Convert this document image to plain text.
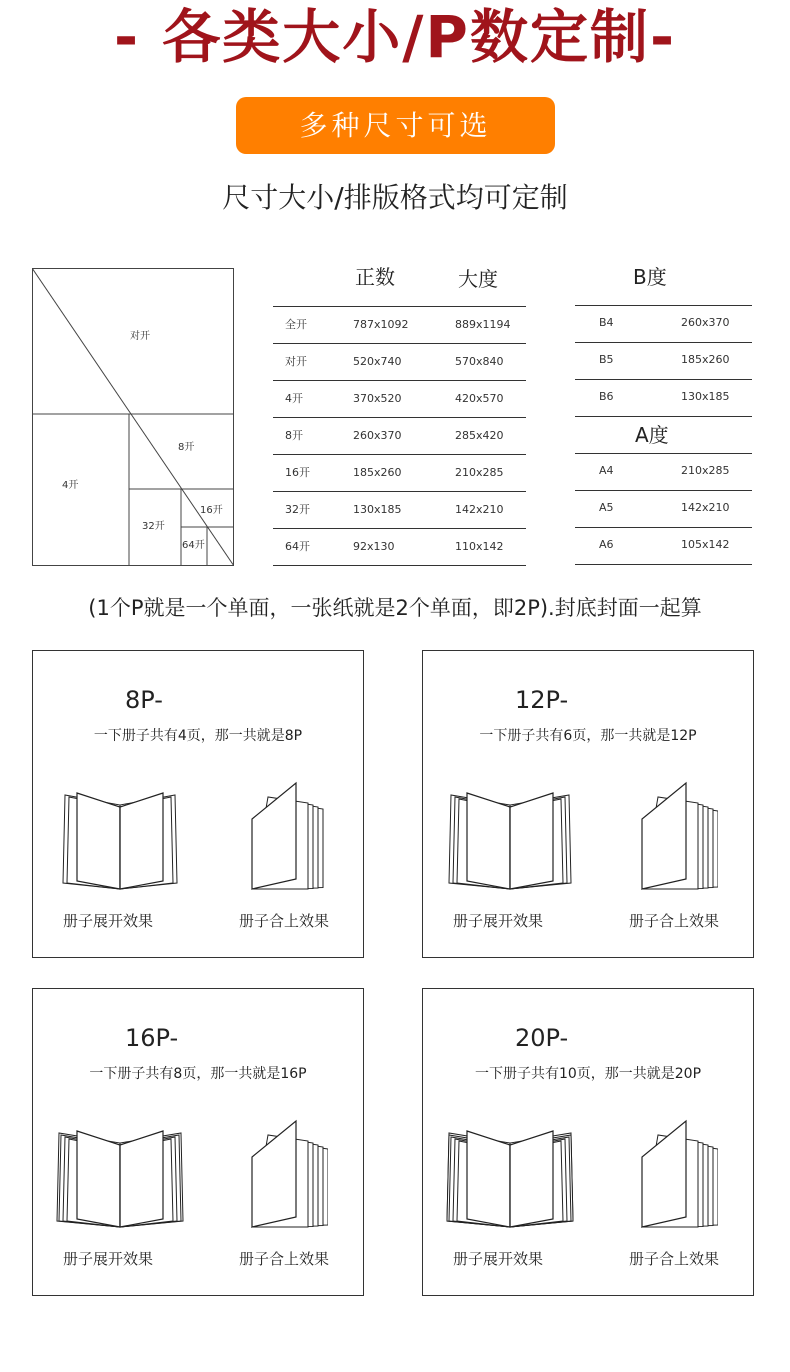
- 各类大小/P数定制-
多种尺寸可选
尺寸大小/排版格式均可定制
对开
4开
8开
16开
32开
64开
正数	大度
全开	787x1092	889x1194
对开	520x740	570x840
4开	370x520	420x570
8开	260x370	285x420
16开	185x260	210x285
32开	130x185	142x210
64开	92x130	110x142
B度
B4	260x370
B5	185x260
B6	130x185
A度
A4	210x285
A5	142x210
A6	105x142
(1个P就是一个单面，一张纸就是2个单面，即2P).封底封面一起算
8P-
一下册子共有4页，那一共就是8P
册子展开效果	册子合上效果
12P-
一下册子共有6页，那一共就是12P
册子展开效果	册子合上效果
16P-
一下册子共有8页，那一共就是16P
册子展开效果	册子合上效果
20P-
一下册子共有10页，那一共就是20P
册子展开效果	册子合上效果
